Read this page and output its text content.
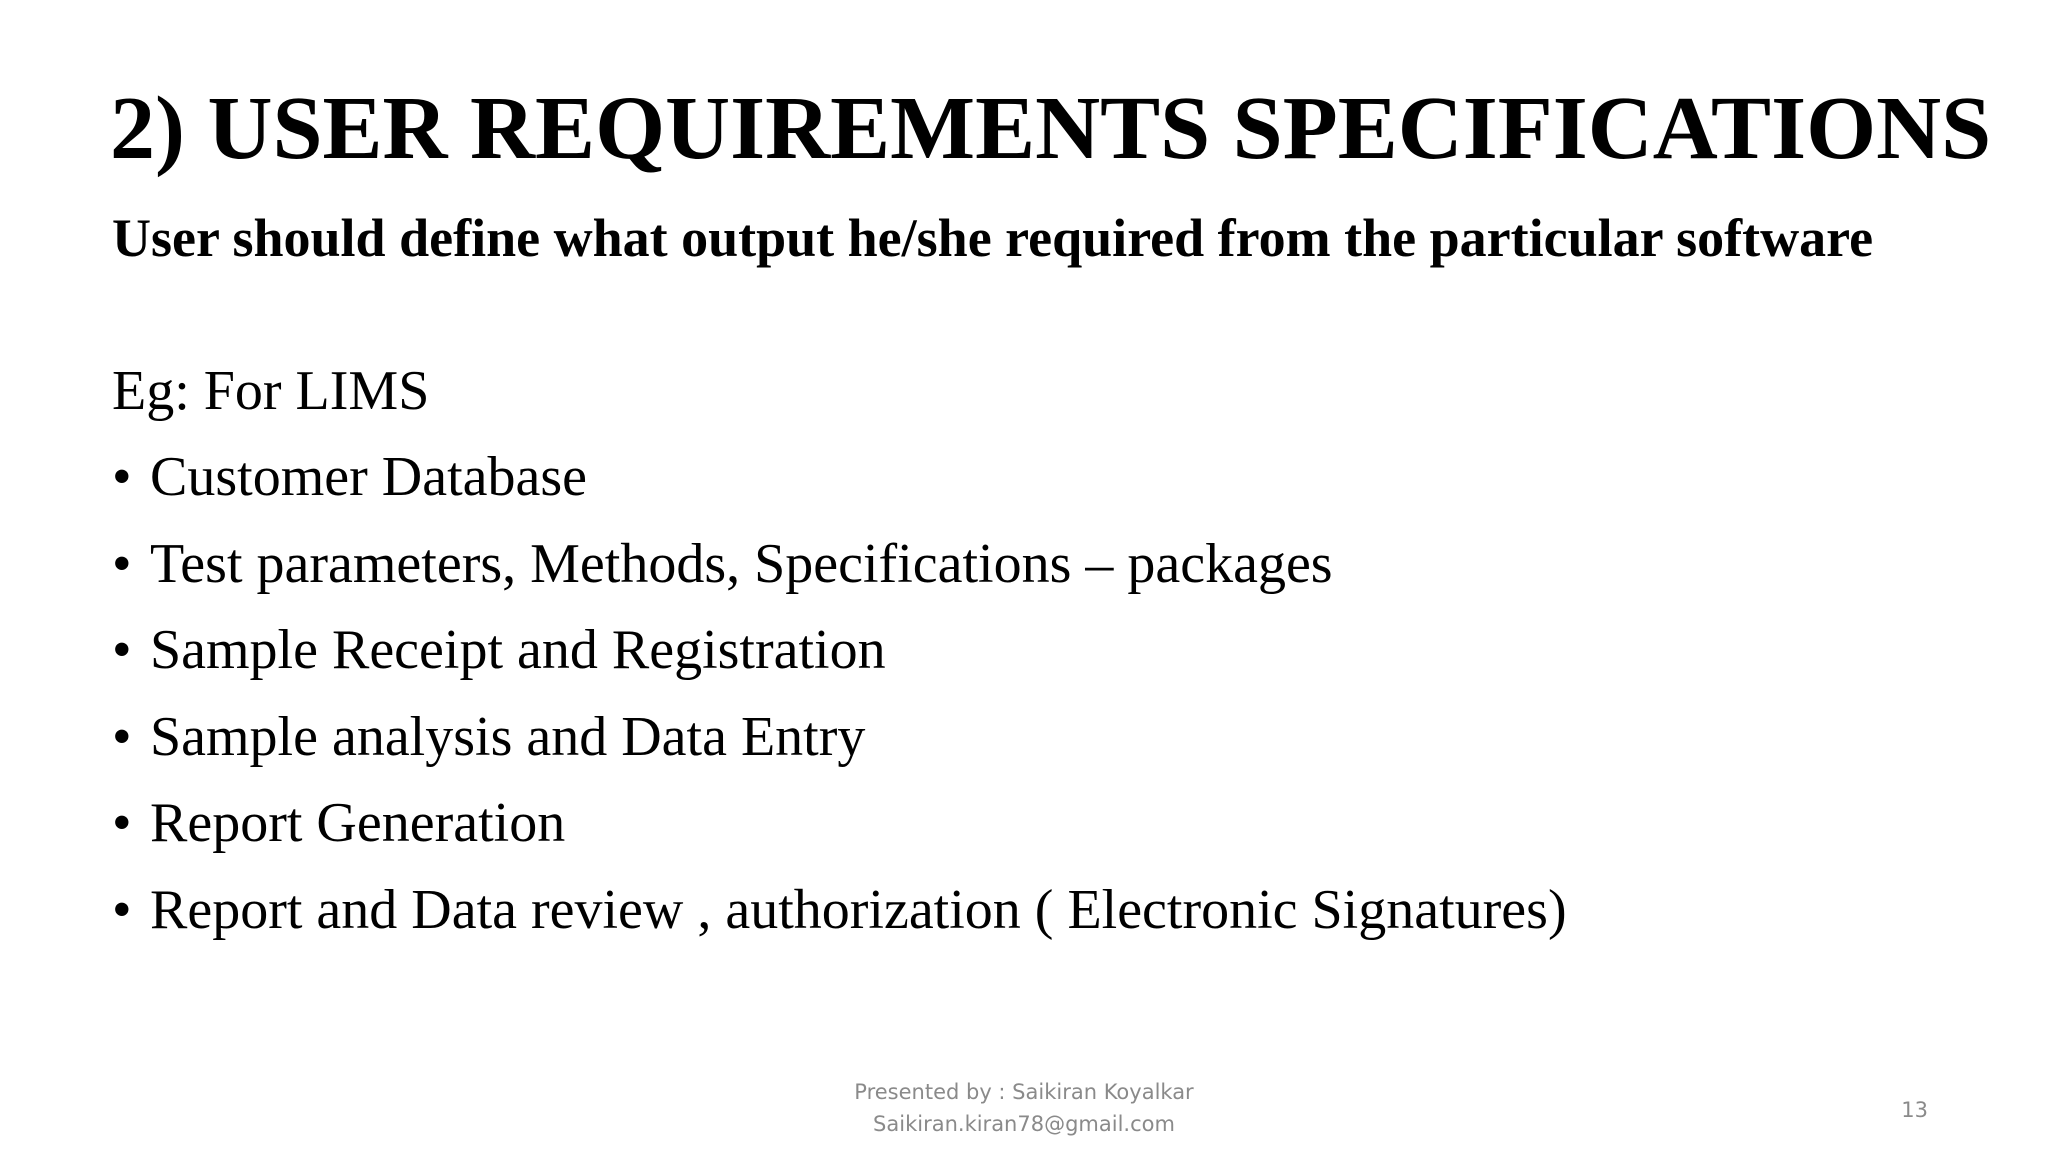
2) USER REQUIREMENTS SPECIFICATIONS

User should define what output he/she required from the particular software

Eg: For LIMS

• Customer Database
• Test parameters, Methods, Specifications – packages
• Sample Receipt and Registration
• Sample analysis and Data Entry
• Report Generation
• Report and Data review , authorization ( Electronic Signatures)
Presented by : Saikiran Koyalkar
Saikiran.kiran78@gmail.com
13
